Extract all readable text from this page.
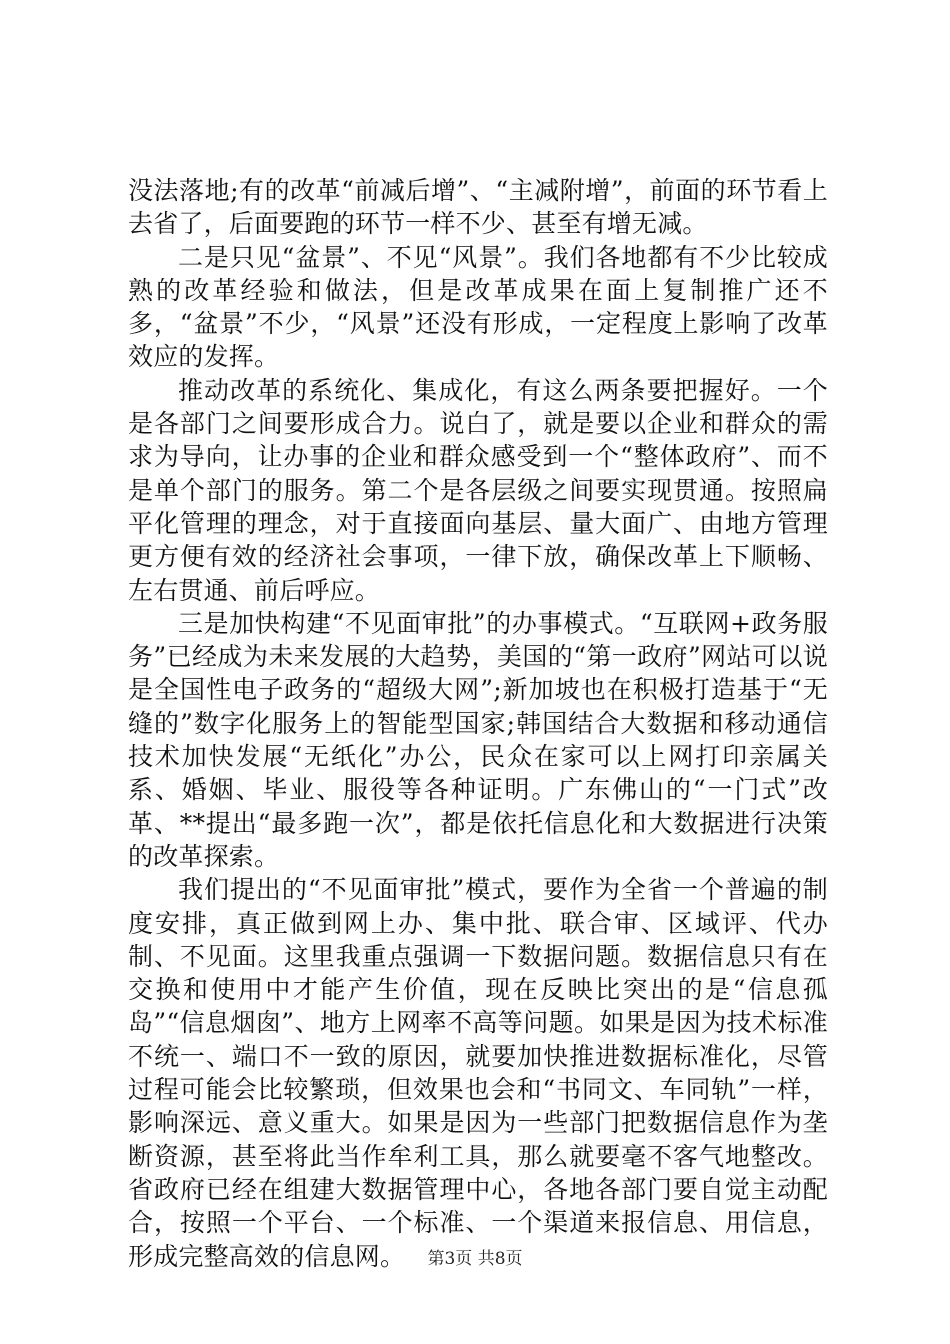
没法落地;有的改革“前减后增”、“主减附增”，前面的环节看上去省了，后面要跑的环节一样不少、甚至有增无减。

二是只见“盆景”、不见“风景”。我们各地都有不少比较成熟的改革经验和做法，但是改革成果在面上复制推广还不多，“盆景”不少，“风景”还没有形成，一定程度上影响了改革效应的发挥。

推动改革的系统化、集成化，有这么两条要把握好。一个是各部门之间要形成合力。说白了，就是要以企业和群众的需求为导向，让办事的企业和群众感受到一个“整体政府”、而不是单个部门的服务。第二个是各层级之间要实现贯通。按照扁平化管理的理念，对于直接面向基层、量大面广、由地方管理更方便有效的经济社会事项，一律下放，确保改革上下顺畅、左右贯通、前后呼应。

三是加快构建“不见面审批”的办事模式。“互联网+政务服务”已经成为未来发展的大趋势，美国的“第一政府”网站可以说是全国性电子政务的“超级大网”;新加坡也在积极打造基于“无缝的”数字化服务上的智能型国家;韩国结合大数据和移动通信技术加快发展“无纸化”办公，民众在家可以上网打印亲属关系、婚姻、毕业、服役等各种证明。广东佛山的“一门式”改革、**提出“最多跑一次”，都是依托信息化和大数据进行决策的改革探索。

我们提出的“不见面审批”模式，要作为全省一个普遍的制度安排，真正做到网上办、集中批、联合审、区域评、代办制、不见面。这里我重点强调一下数据问题。数据信息只有在交换和使用中才能产生价值，现在反映比突出的是“信息孤岛”“信息烟囱”、地方上网率不高等问题。如果是因为技术标准不统一、端口不一致的原因，就要加快推进数据标准化，尽管过程可能会比较繁琐，但效果也会和“书同文、车同轨”一样，影响深远、意义重大。如果是因为一些部门把数据信息作为垄断资源，甚至将此当作牟利工具，那么就要毫不客气地整改。省政府已经在组建大数据管理中心，各地各部门要自觉主动配合，按照一个平台、一个标准、一个渠道来报信息、用信息，形成完整高效的信息网。	第3页 共8页
